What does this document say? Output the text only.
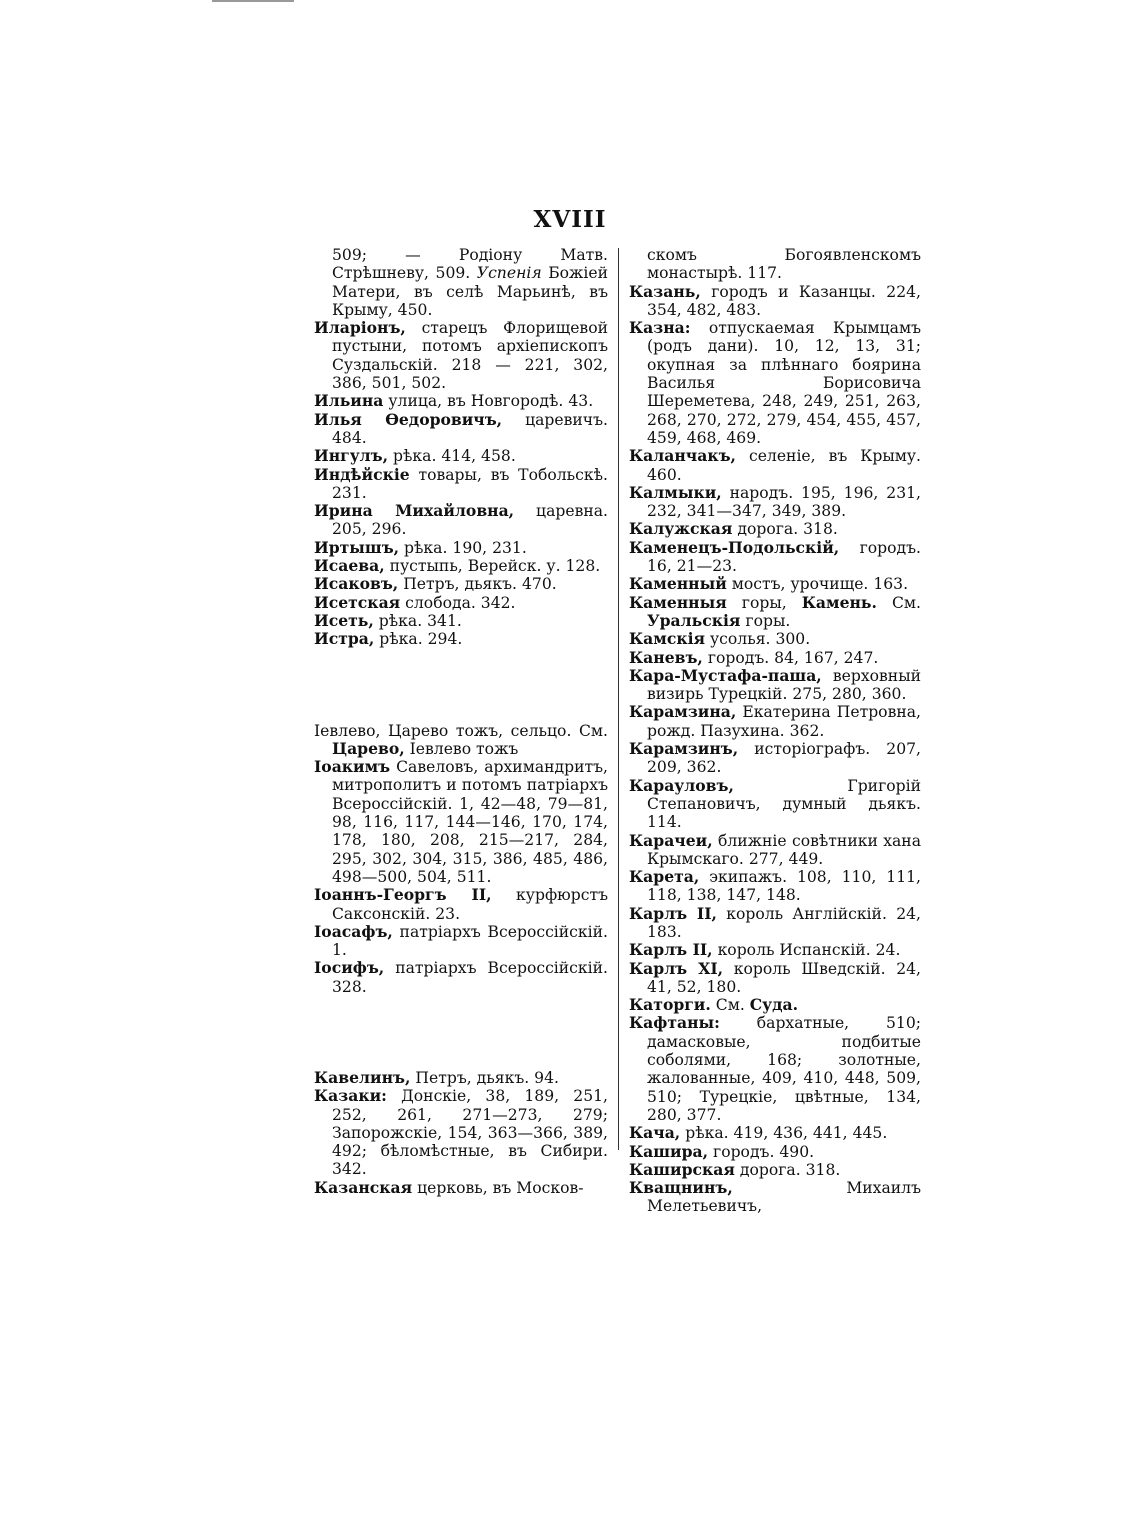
XVIII

509; — Родіону Матв. Стрѣшневу, 509. Успенія Божіей Матери, въ селѣ Марьинѣ, въ Крыму, 450.

Иларіонъ, старецъ Флорищевой пустыни, потомъ архіепископъ Суздальскій. 218 — 221, 302, 386, 501, 502.

Ильина улица, въ Новгородѣ. 43.

Илья Ѳедоровичъ, царевичъ. 484.

Ингулъ, рѣка. 414, 458.

Индѣйскіе товары, въ Тобольскѣ. 231.

Ирина Михайловна, царевна. 205, 296.

Иртышъ, рѣка. 190, 231.

Исаева, пустыпь, Верейск. у. 128.

Исаковъ, Петръ, дьякъ. 470.

Исетская слобода. 342.

Исеть, рѣка. 341.

Истра, рѣка. 294.

Іевлево, Царево тожъ, сельцо. См. Царево, Іевлево тожъ

Іоакимъ Савеловъ, архимандритъ, митрополитъ и потомъ патріархъ Всероссійскій. 1, 42—48, 79—81, 98, 116, 117, 144—146, 170, 174, 178, 180, 208, 215—217, 284, 295, 302, 304, 315, 386, 485, 486, 498—500, 504, 511.

Іоаннъ-Георгъ II, курфюрстъ Саксонскій. 23.

Іоасафъ, патріархъ Всероссійскій. 1.

Іосифъ, патріархъ Всероссійскій. 328.

Кавелинъ, Петръ, дьякъ. 94.

Казаки: Донскіе, 38, 189, 251, 252, 261, 271—273, 279; Запорожскіе, 154, 363—366, 389, 492; бѣломѣстные, въ Сибири. 342.

Казанская церковь, въ Москов-

скомъ Богоявленскомъ монастырѣ. 117.

Казань, городъ и Казанцы. 224, 354, 482, 483.

Казна: отпускаемая Крымцамъ (родъ дани). 10, 12, 13, 31; окупная за плѣннаго боярина Василья Борисовича Шереметева, 248, 249, 251, 263, 268, 270, 272, 279, 454, 455, 457, 459, 468, 469.

Каланчакъ, селеніе, въ Крыму. 460.

Калмыки, народъ. 195, 196, 231, 232, 341—347, 349, 389.

Калужская дорога. 318.

Каменецъ-Подольскій, городъ. 16, 21—23.

Каменный мостъ, урочище. 163.

Каменныя горы, Камень. См. Уральскія горы.

Камскія усолья. 300.

Каневъ, городъ. 84, 167, 247.

Кара-Мустафа-паша, верховный визирь Турецкій. 275, 280, 360.

Карамзина, Екатерина Петровна, рожд. Пазухина. 362.

Карамзинъ, исторіографъ. 207, 209, 362.

Карауловъ, Григорій Степановичъ, думный дьякъ. 114.

Карачеи, ближніе совѣтники хана Крымскаго. 277, 449.

Карета, экипажъ. 108, 110, 111, 118, 138, 147, 148.

Карлъ II, король Англійскій. 24, 183.

Карлъ II, король Испанскій. 24.

Карлъ XI, король Шведскій. 24, 41, 52, 180.

Каторги. См. Суда.

Кафтаны: бархатные, 510; дамасковые, подбитые соболями, 168; золотные, жалованные, 409, 410, 448, 509, 510; Турецкіе, цвѣтные, 134, 280, 377.

Кача, рѣка. 419, 436, 441, 445.

Кашира, городъ. 490.

Каширская дорога. 318.

Кващнинъ, Михаилъ Мелетьевичъ,
